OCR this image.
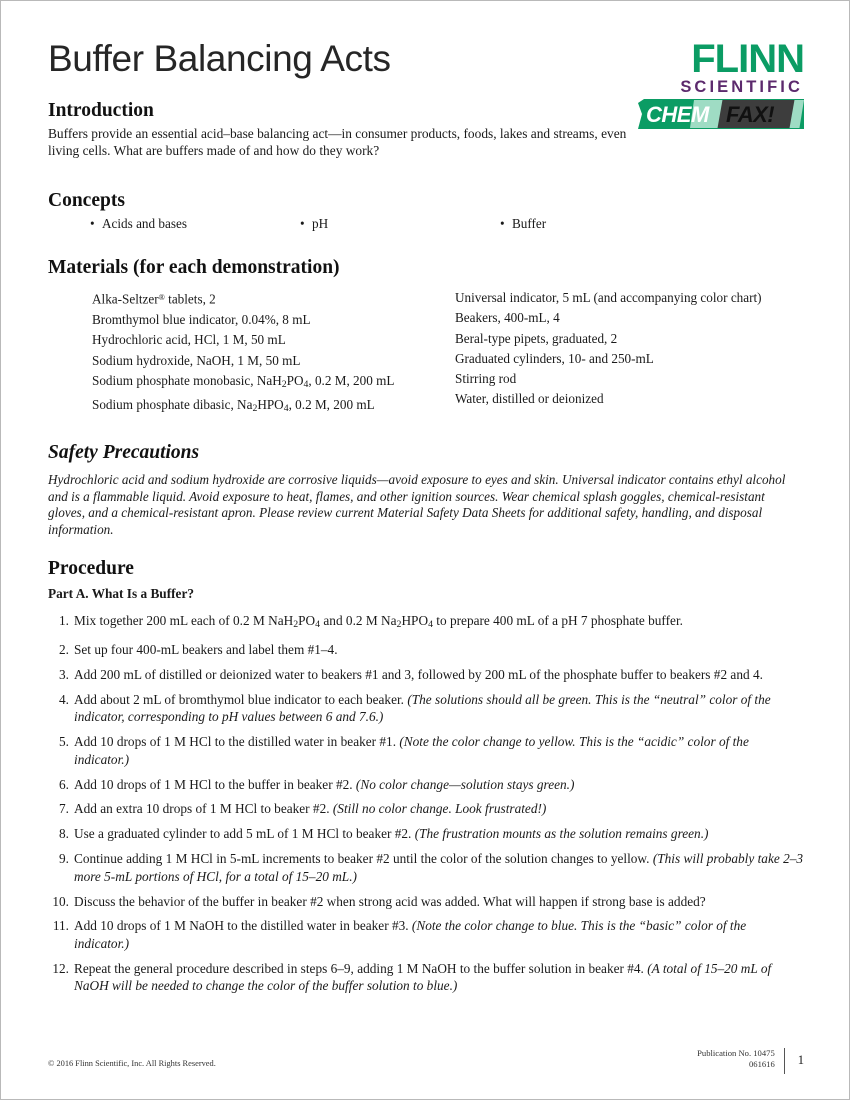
Buffer Balancing Acts	FLINN
SCIENTIFIC
CHEM FAX!
Introduction
Buffers provide an essential acid–base balancing act—in consumer products, foods, lakes and streams, even living cells. What are buffers made of and how do they work?
Concepts
• Acids and bases	• pH	• Buffer
Materials (for each demonstration)
Alka-Seltzer® tablets, 2
Bromthymol blue indicator, 0.04%, 8 mL
Hydrochloric acid, HCl, 1 M, 50 mL
Sodium hydroxide, NaOH, 1 M, 50 mL
Sodium phosphate monobasic, $NaH_2PO_4$, 0.2 M, 200 mL
Sodium phosphate dibasic, $Na_2HPO_4$, 0.2 M, 200 mL
Universal indicator, 5 mL (and accompanying color chart)
Beakers, 400-mL, 4
Beral-type pipets, graduated, 2
Graduated cylinders, 10- and 250-mL
Stirring rod
Water, distilled or deionized
Safety Precautions
Hydrochloric acid and sodium hydroxide are corrosive liquids—avoid exposure to eyes and skin. Universal indicator contains ethyl alcohol and is a flammable liquid. Avoid exposure to heat, flames, and other ignition sources. Wear chemical splash goggles, chemical-resistant gloves, and a chemical-resistant apron. Please review current Material Safety Data Sheets for additional safety, handling, and disposal information.
Procedure
Part A. What Is a Buffer?
1. Mix together 200 mL each of 0.2 M $NaH_2PO_4$ and 0.2 M $Na_2HPO_4$ to prepare 400 mL of a pH 7 phosphate buffer.
2. Set up four 400-mL beakers and label them #1–4.
3. Add 200 mL of distilled or deionized water to beakers #1 and 3, followed by 200 mL of the phosphate buffer to beakers #2 and 4.
4. Add about 2 mL of bromthymol blue indicator to each beaker. (The solutions should all be green. This is the “neutral” color of the indicator, corresponding to pH values between 6 and 7.6.)
5. Add 10 drops of 1 M HCl to the distilled water in beaker #1. (Note the color change to yellow. This is the “acidic” color of the indicator.)
6. Add 10 drops of 1 M HCl to the buffer in beaker #2. (No color change—solution stays green.)
7. Add an extra 10 drops of 1 M HCl to beaker #2. (Still no color change. Look frustrated!)
8. Use a graduated cylinder to add 5 mL of 1 M HCl to beaker #2. (The frustration mounts as the solution remains green.)
9. Continue adding 1 M HCl in 5-mL increments to beaker #2 until the color of the solution changes to yellow. (This will probably take 2–3 more 5-mL portions of HCl, for a total of 15–20 mL.)
10. Discuss the behavior of the buffer in beaker #2 when strong acid was added. What will happen if strong base is added?
11. Add 10 drops of 1 M NaOH to the distilled water in beaker #3. (Note the color change to blue. This is the “basic” color of the indicator.)
12. Repeat the general procedure described in steps 6–9, adding 1 M NaOH to the buffer solution in beaker #4. (A total of 15–20 mL of NaOH will be needed to change the color of the buffer solution to blue.)
© 2016 Flinn Scientific, Inc. All Rights Reserved.
Publication No. 10475
061616	1
